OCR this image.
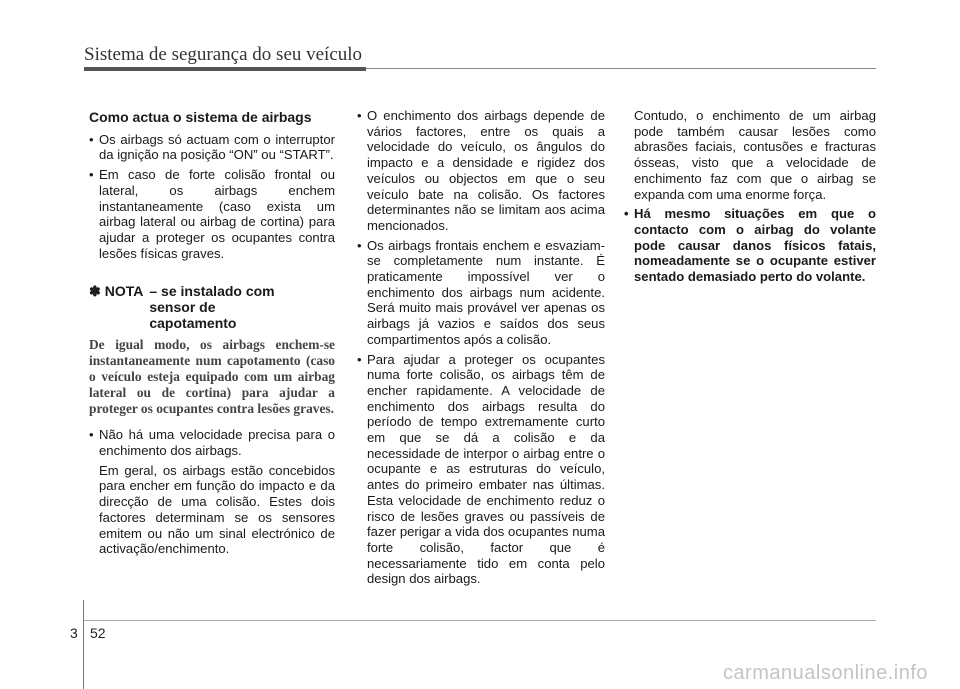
Sistema de segurança do seu veículo
Como actua o sistema de airbags
• Os airbags só actuam com o interruptor da ignição na posição “ON” ou “START”.
• Em caso de forte colisão frontal ou lateral, os airbags enchem instantaneamente (caso exista um airbag lateral ou airbag de cortina) para ajudar a proteger os ocupantes contra lesões físicas graves.
✽ NOTA – se instalado com
sensor de
capotamento
De igual modo, os airbags enchem-se instantaneamente num capotamento (caso o veículo esteja equipado com um airbag lateral ou de cortina) para ajudar a proteger os ocupantes contra lesões graves.
• Não há uma velocidade precisa para o enchimento dos airbags.
Em geral, os airbags estão concebidos para encher em função do impacto e da direcção de uma colisão. Estes dois factores determinam se os sensores emitem ou não um sinal electrónico de activação/enchimento.
• O enchimento dos airbags depende de vários factores, entre os quais a velocidade do veículo, os ângulos do impacto e a densidade e rigidez dos veículos ou objectos em que o seu veículo bate na colisão. Os factores determinantes não se limitam aos acima mencionados.
• Os airbags frontais enchem e esvaziam-se completamente num instante. É praticamente impossível ver o enchimento dos airbags num acidente. Será muito mais provável ver apenas os airbags já vazios e saídos dos seus compartimentos após a colisão.
• Para ajudar a proteger os ocupantes numa forte colisão, os airbags têm de encher rapidamente. A velocidade de enchimento dos airbags resulta do período de tempo extremamente curto em que se dá a colisão e da necessidade de interpor o airbag entre o ocupante e as estruturas do veículo, antes do primeiro embater nas últimas. Esta velocidade de enchimento reduz o risco de lesões graves ou passíveis de fazer perigar a vida dos ocupantes numa forte colisão, factor que é necessariamente tido em conta pelo design dos airbags.
Contudo, o enchimento de um airbag pode também causar lesões como abrasões faciais, contusões e fracturas ósseas, visto que a velocidade de enchimento faz com que o airbag se expanda com uma enorme força.
• Há mesmo situações em que o contacto com o airbag do volante pode causar danos físicos fatais, nomeadamente se o ocupante estiver sentado demasiado perto do volante.
3 52
carmanualsonline.info
